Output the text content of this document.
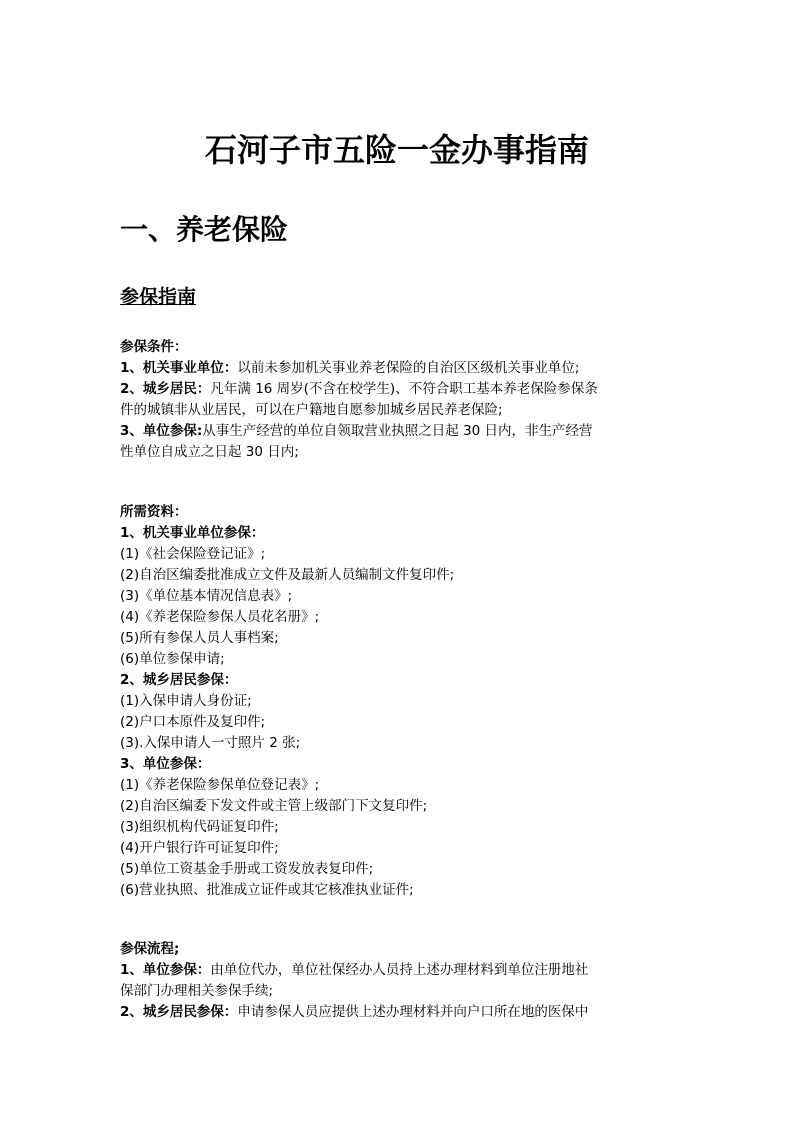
石河子市五险一金办事指南
一、养老保险
参保指南
参保条件：
1、机关事业单位：以前未参加机关事业养老保险的自治区区级机关事业单位;
2、城乡居民：凡年满 16 周岁(不含在校学生)、不符合职工基本养老保险参保条
件的城镇非从业居民，可以在户籍地自愿参加城乡居民养老保险;
3、单位参保:从事生产经营的单位自领取营业执照之日起 30 日内，非生产经营
性单位自成立之日起 30 日内;
所需资料：
1、机关事业单位参保：
(1)《社会保险登记证》;
(2)自治区编委批准成立文件及最新人员编制文件复印件;
(3)《单位基本情况信息表》;
(4)《养老保险参保人员花名册》;
(5)所有参保人员人事档案;
(6)单位参保申请;
2、城乡居民参保：
(1)入保申请人身份证;
(2)户口本原件及复印件;
(3).入保申请人一寸照片 2 张;
3、单位参保：
(1)《养老保险参保单位登记表》;
(2)自治区编委下发文件或主管上级部门下文复印件;
(3)组织机构代码证复印件;
(4)开户银行许可证复印件;
(5)单位工资基金手册或工资发放表复印件;
(6)营业执照、批准成立证件或其它核准执业证件;
参保流程;
1、单位参保：由单位代办，单位社保经办人员持上述办理材料到单位注册地社
保部门办理相关参保手续;
2、城乡居民参保：申请参保人员应提供上述办理材料并向户口所在地的医保中
